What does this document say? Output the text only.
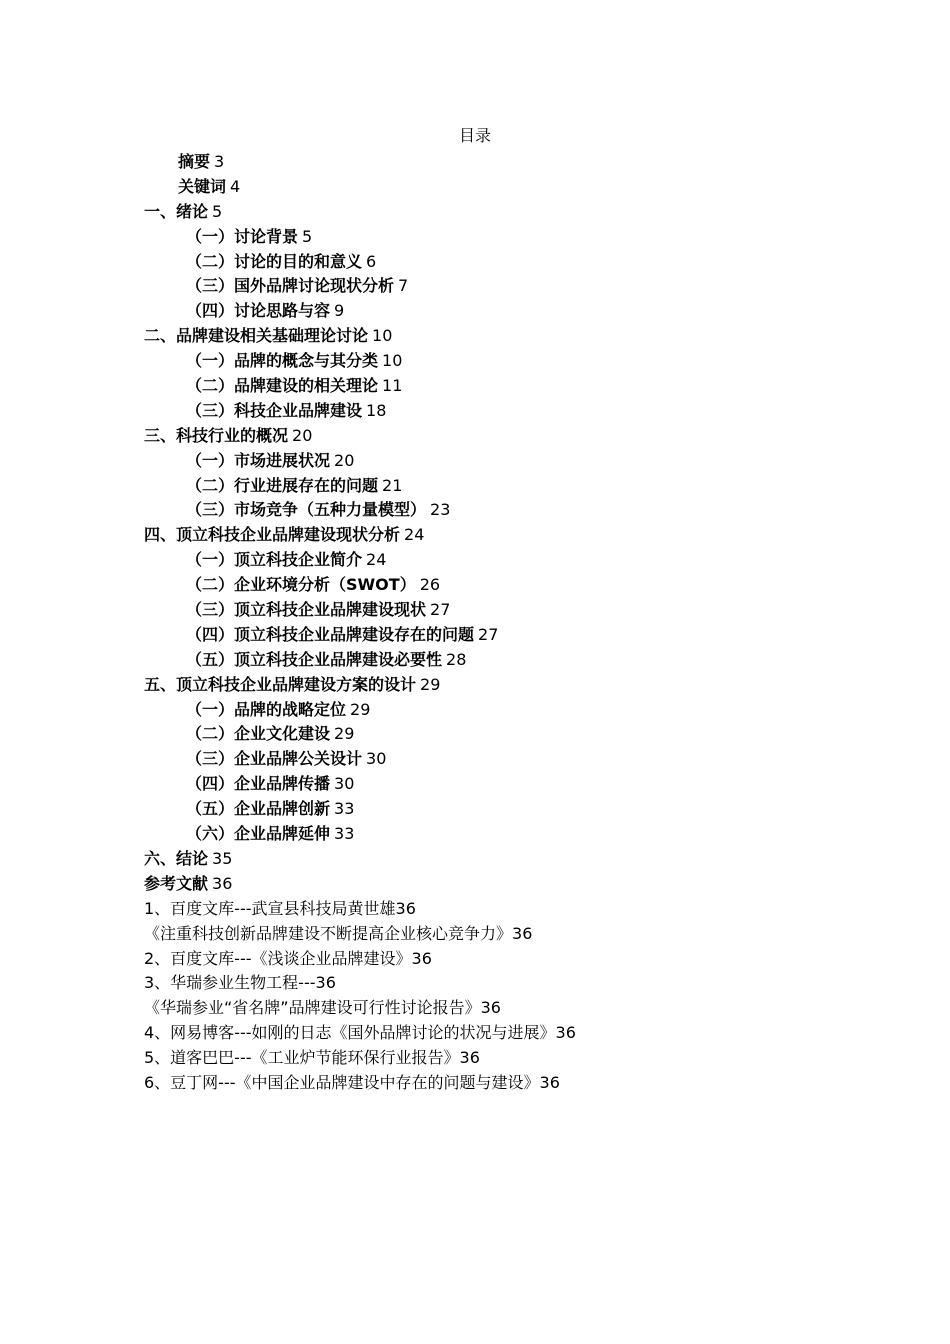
目录
摘要 3
关键词 4
一、绪论 5
（一）讨论背景 5
（二）讨论的目的和意义 6
（三）国外品牌讨论现状分析 7
（四）讨论思路与容 9
二、品牌建设相关基础理论讨论 10
（一）品牌的概念与其分类 10
（二）品牌建设的相关理论 11
（三）科技企业品牌建设 18
三、科技行业的概况 20
（一）市场进展状况 20
（二）行业进展存在的问题 21
（三）市场竞争（五种力量模型） 23
四、顶立科技企业品牌建设现状分析 24
（一）顶立科技企业简介 24
（二）企业环境分析（SWOT） 26
（三）顶立科技企业品牌建设现状 27
（四）顶立科技企业品牌建设存在的问题 27
（五）顶立科技企业品牌建设必要性 28
五、顶立科技企业品牌建设方案的设计 29
（一）品牌的战略定位 29
（二）企业文化建设 29
（三）企业品牌公关设计 30
（四）企业品牌传播 30
（五）企业品牌创新 33
（六）企业品牌延伸 33
六、结论 35
参考文献 36
1、百度文库---武宣县科技局黄世雄36
《注重科技创新品牌建设不断提高企业核心竞争力》36
2、百度文库---《浅谈企业品牌建设》36
3、华瑞参业生物工程---36
《华瑞参业“省名牌”品牌建设可行性讨论报告》36
4、网易博客---如刚的日志《国外品牌讨论的状况与进展》36
5、道客巴巴---《工业炉节能环保行业报告》36
6、豆丁网---《中国企业品牌建设中存在的问题与建设》36
